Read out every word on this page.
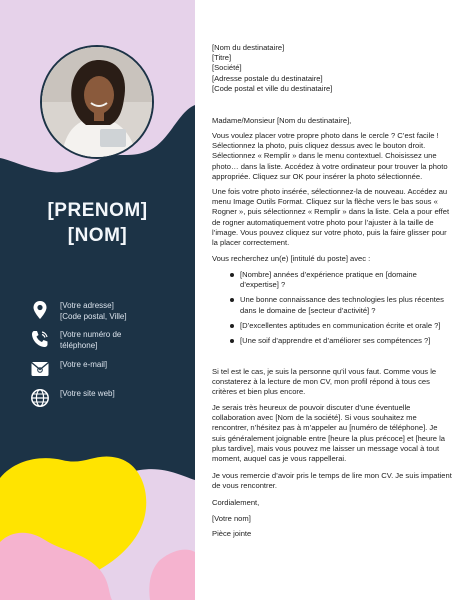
[PRENOM]
[NOM]
[Votre adresse]
[Code postal, Ville]
[Votre numéro de
téléphone]
[Votre e-mail]
[Votre site web]
[Nom du destinataire]
[Titre]
[Société]
[Adresse postale du destinataire]
[Code postal et ville du destinataire]
Madame/Monsieur [Nom du destinataire],
Vous voulez placer votre propre photo dans le cercle ? C’est facile ! Sélectionnez la photo, puis cliquez dessus avec le bouton droit. Sélectionnez « Remplir » dans le menu contextuel. Choisissez une photo… dans la liste. Accédez à votre ordinateur pour trouver la photo appropriée. Cliquez sur OK pour insérer la photo sélectionnée.
Une fois votre photo insérée, sélectionnez-la de nouveau. Accédez au menu Image Outils Format. Cliquez sur la flèche vers le bas sous « Rogner », puis sélectionnez « Remplir » dans la liste. Cela a pour effet de rogner automatiquement votre photo pour l’ajuster à la taille de l’image. Vous pouvez cliquez sur votre photo, puis la faire glisser pour la placer correctement.
Vous recherchez un(e) [intitulé du poste] avec :
[Nombre] années d’expérience pratique en [domaine d’expertise] ?
Une bonne connaissance des technologies les plus récentes dans le domaine de [secteur d’activité] ?
[D’excellentes aptitudes en communication écrite et orale ?]
[Une soif d’apprendre et d’améliorer ses compétences ?]
Si tel est le cas, je suis la personne qu’il vous faut. Comme vous le constaterez à la lecture de mon CV, mon profil répond à tous ces critères et bien plus encore.
Je serais très heureux de pouvoir discuter d’une éventuelle collaboration avec [Nom de la société]. Si vous souhaitez me rencontrer, n’hésitez pas à m’appeler au [numéro de téléphone]. Je suis généralement joignable entre [heure la plus précoce] et [heure la plus tardive], mais vous pouvez me laisser un message vocal à tout moment, auquel cas je vous rappellerai.
Je vous remercie d’avoir pris le temps de lire mon CV. Je suis impatient de vous rencontrer.
Cordialement,
[Votre nom]
Pièce jointe
